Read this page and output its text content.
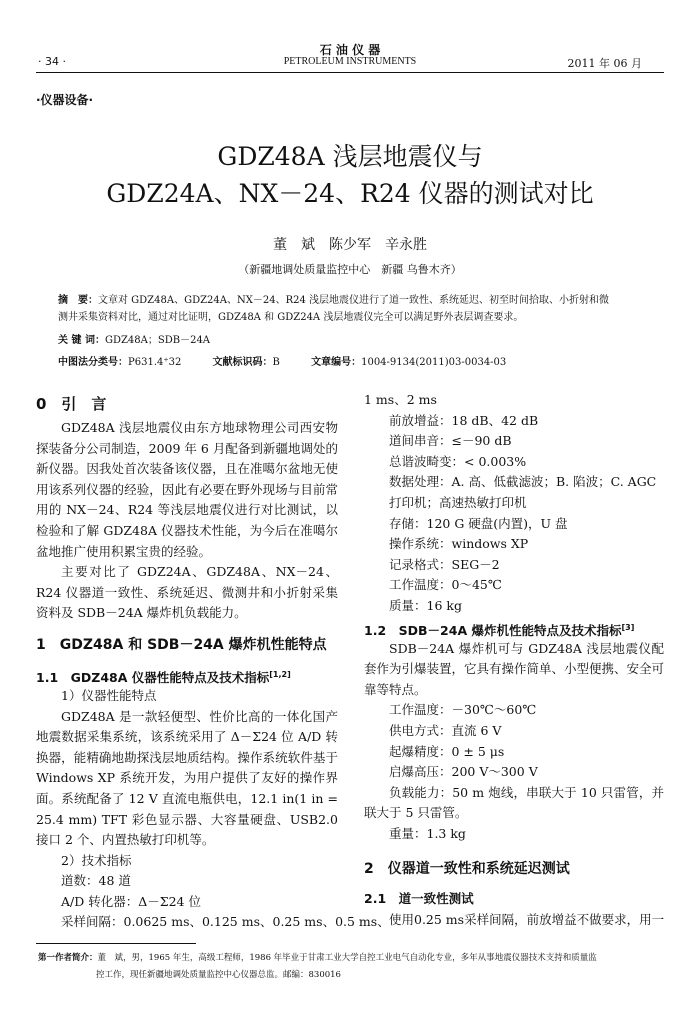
· 34 ·
石 油 仪 器
PETROLEUM INSTRUMENTS	2011 年 06 月
·仪器设备·
GDZ48A 浅层地震仪与
GDZ24A、NX－24、R24 仪器的测试对比
董　斌　陈少军　辛永胜
（新疆地调处质量监控中心　新疆 乌鲁木齐）
摘　要：文章对 GDZ48A、GDZ24A、NX－24、R24 浅层地震仪进行了道一致性、系统延迟、初至时间拾取、小折射和微
测井采集资料对比，通过对比证明，GDZ48A 和 GDZ24A 浅层地震仪完全可以满足野外表层调查要求。
关 键 词：GDZ48A；SDB－24A
中图法分类号：P631.4⁺32	文献标识码：B	文章编号：1004-9134(2011)03-0034-03
0　引　言

GDZ48A 浅层地震仪由东方地球物理公司西安物探装备分公司制造，2009 年 6 月配备到新疆地调处的新仪器。因我处首次装备该仪器，且在准噶尔盆地无使用该系列仪器的经验，因此有必要在野外现场与目前常用的 NX－24、R24 等浅层地震仪进行对比测试，以检验和了解 GDZ48A 仪器技术性能，为今后在准噶尔盆地推广使用积累宝贵的经验。

主要对比了 GDZ24A、GDZ48A、NX－24、R24 仪器道一致性、系统延迟、微测井和小折射采集资料及 SDB－24A 爆炸机负载能力。

1　GDZ48A 和 SDB－24A 爆炸机性能特点
1.1　GDZ48A 仪器性能特点及技术指标[1,2]

1）仪器性能特点

GDZ48A 是一款轻便型、性价比高的一体化国产地震数据采集系统，该系统采用了 Δ－Σ24 位 A/D 转换器，能精确地勘探浅层地质结构。操作系统软件基于 Windows XP 系统开发，为用户提供了友好的操作界面。系统配备了 12 V 直流电瓶供电，12.1 in(1 in = 25.4 mm) TFT 彩色显示器、大容量硬盘、USB2.0 接口 2 个、内置热敏打印机等。

2）技术指标

道数：48 道

A/D 转化器：Δ－Σ24 位

采样间隔：0.0625 ms、0.125 ms、0.25 ms、0.5 ms、

1 ms、2 ms

前放增益：18 dB、42 dB

道间串音：≤－90 dB

总谐波畸变：< 0.003%

数据处理：A. 高、低截滤波；B. 陷波；C. AGC

打印机；高速热敏打印机

存储：120 G 硬盘(内置)，U 盘

操作系统：windows XP

记录格式：SEG－2

工作温度：0～45℃

质量：16 kg

1.2　SDB－24A 爆炸机性能特点及技术指标[3]

SDB－24A 爆炸机可与 GDZ48A 浅层地震仪配套作为引爆装置，它具有操作简单、小型便携、安全可靠等特点。

工作温度：－30℃～60℃

供电方式：直流 6 V

起爆精度：0 ± 5 μs

启爆高压：200 V～300 V

负载能力：50 m 炮线，串联大于 10 只雷管，并联大于 5 只雷管。

重量：1.3 kg

2　仪器道一致性和系统延迟测试
2.1　道一致性测试

使用0.25 ms采样间隔，前放增益不做要求，用一

第一作者简介：董　斌，男，1965 年生，高级工程师，1986 年毕业于甘肃工业大学自控工业电气自动化专业，多年从事地震仪器技术支持和质量监
控工作，现任新疆地调处质量监控中心仪器总监。邮编：830016
